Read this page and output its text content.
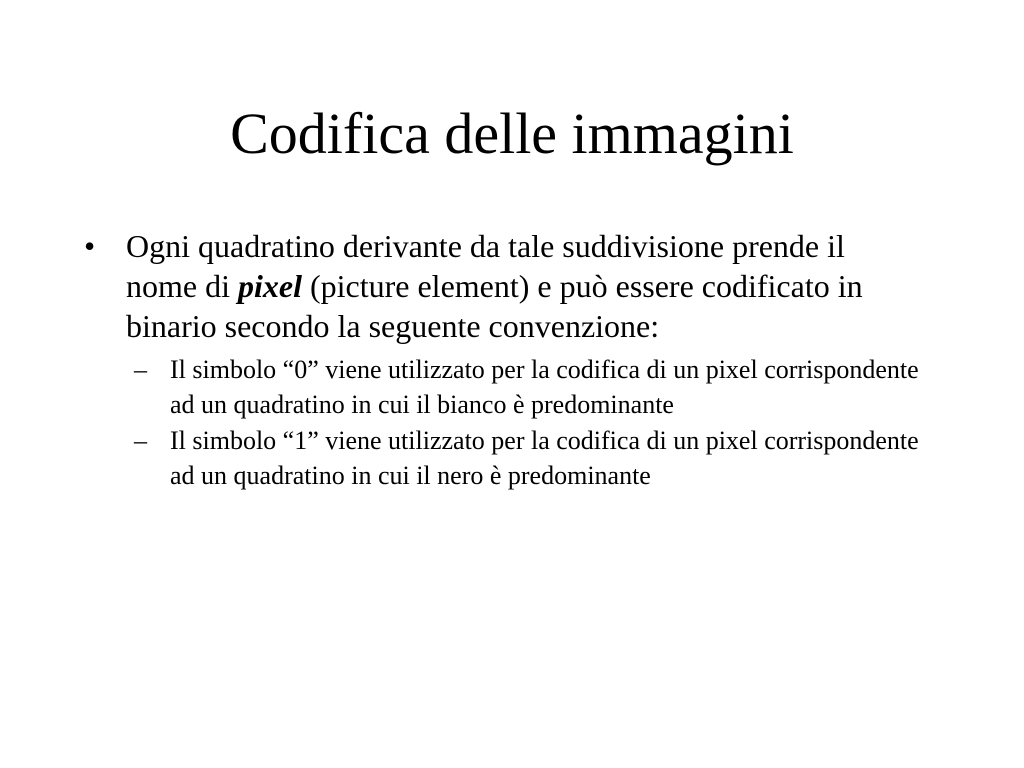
Codifica delle immagini
• Ogni quadratino derivante da tale suddivisione prende il nome di pixel (picture element) e può essere codificato in binario secondo la seguente convenzione:
– Il simbolo “0” viene utilizzato per la codifica di un pixel corrispondente ad un quadratino in cui il bianco è predominante
– Il simbolo “1” viene utilizzato per la codifica di un pixel corrispondente ad un quadratino in cui il nero è predominante
